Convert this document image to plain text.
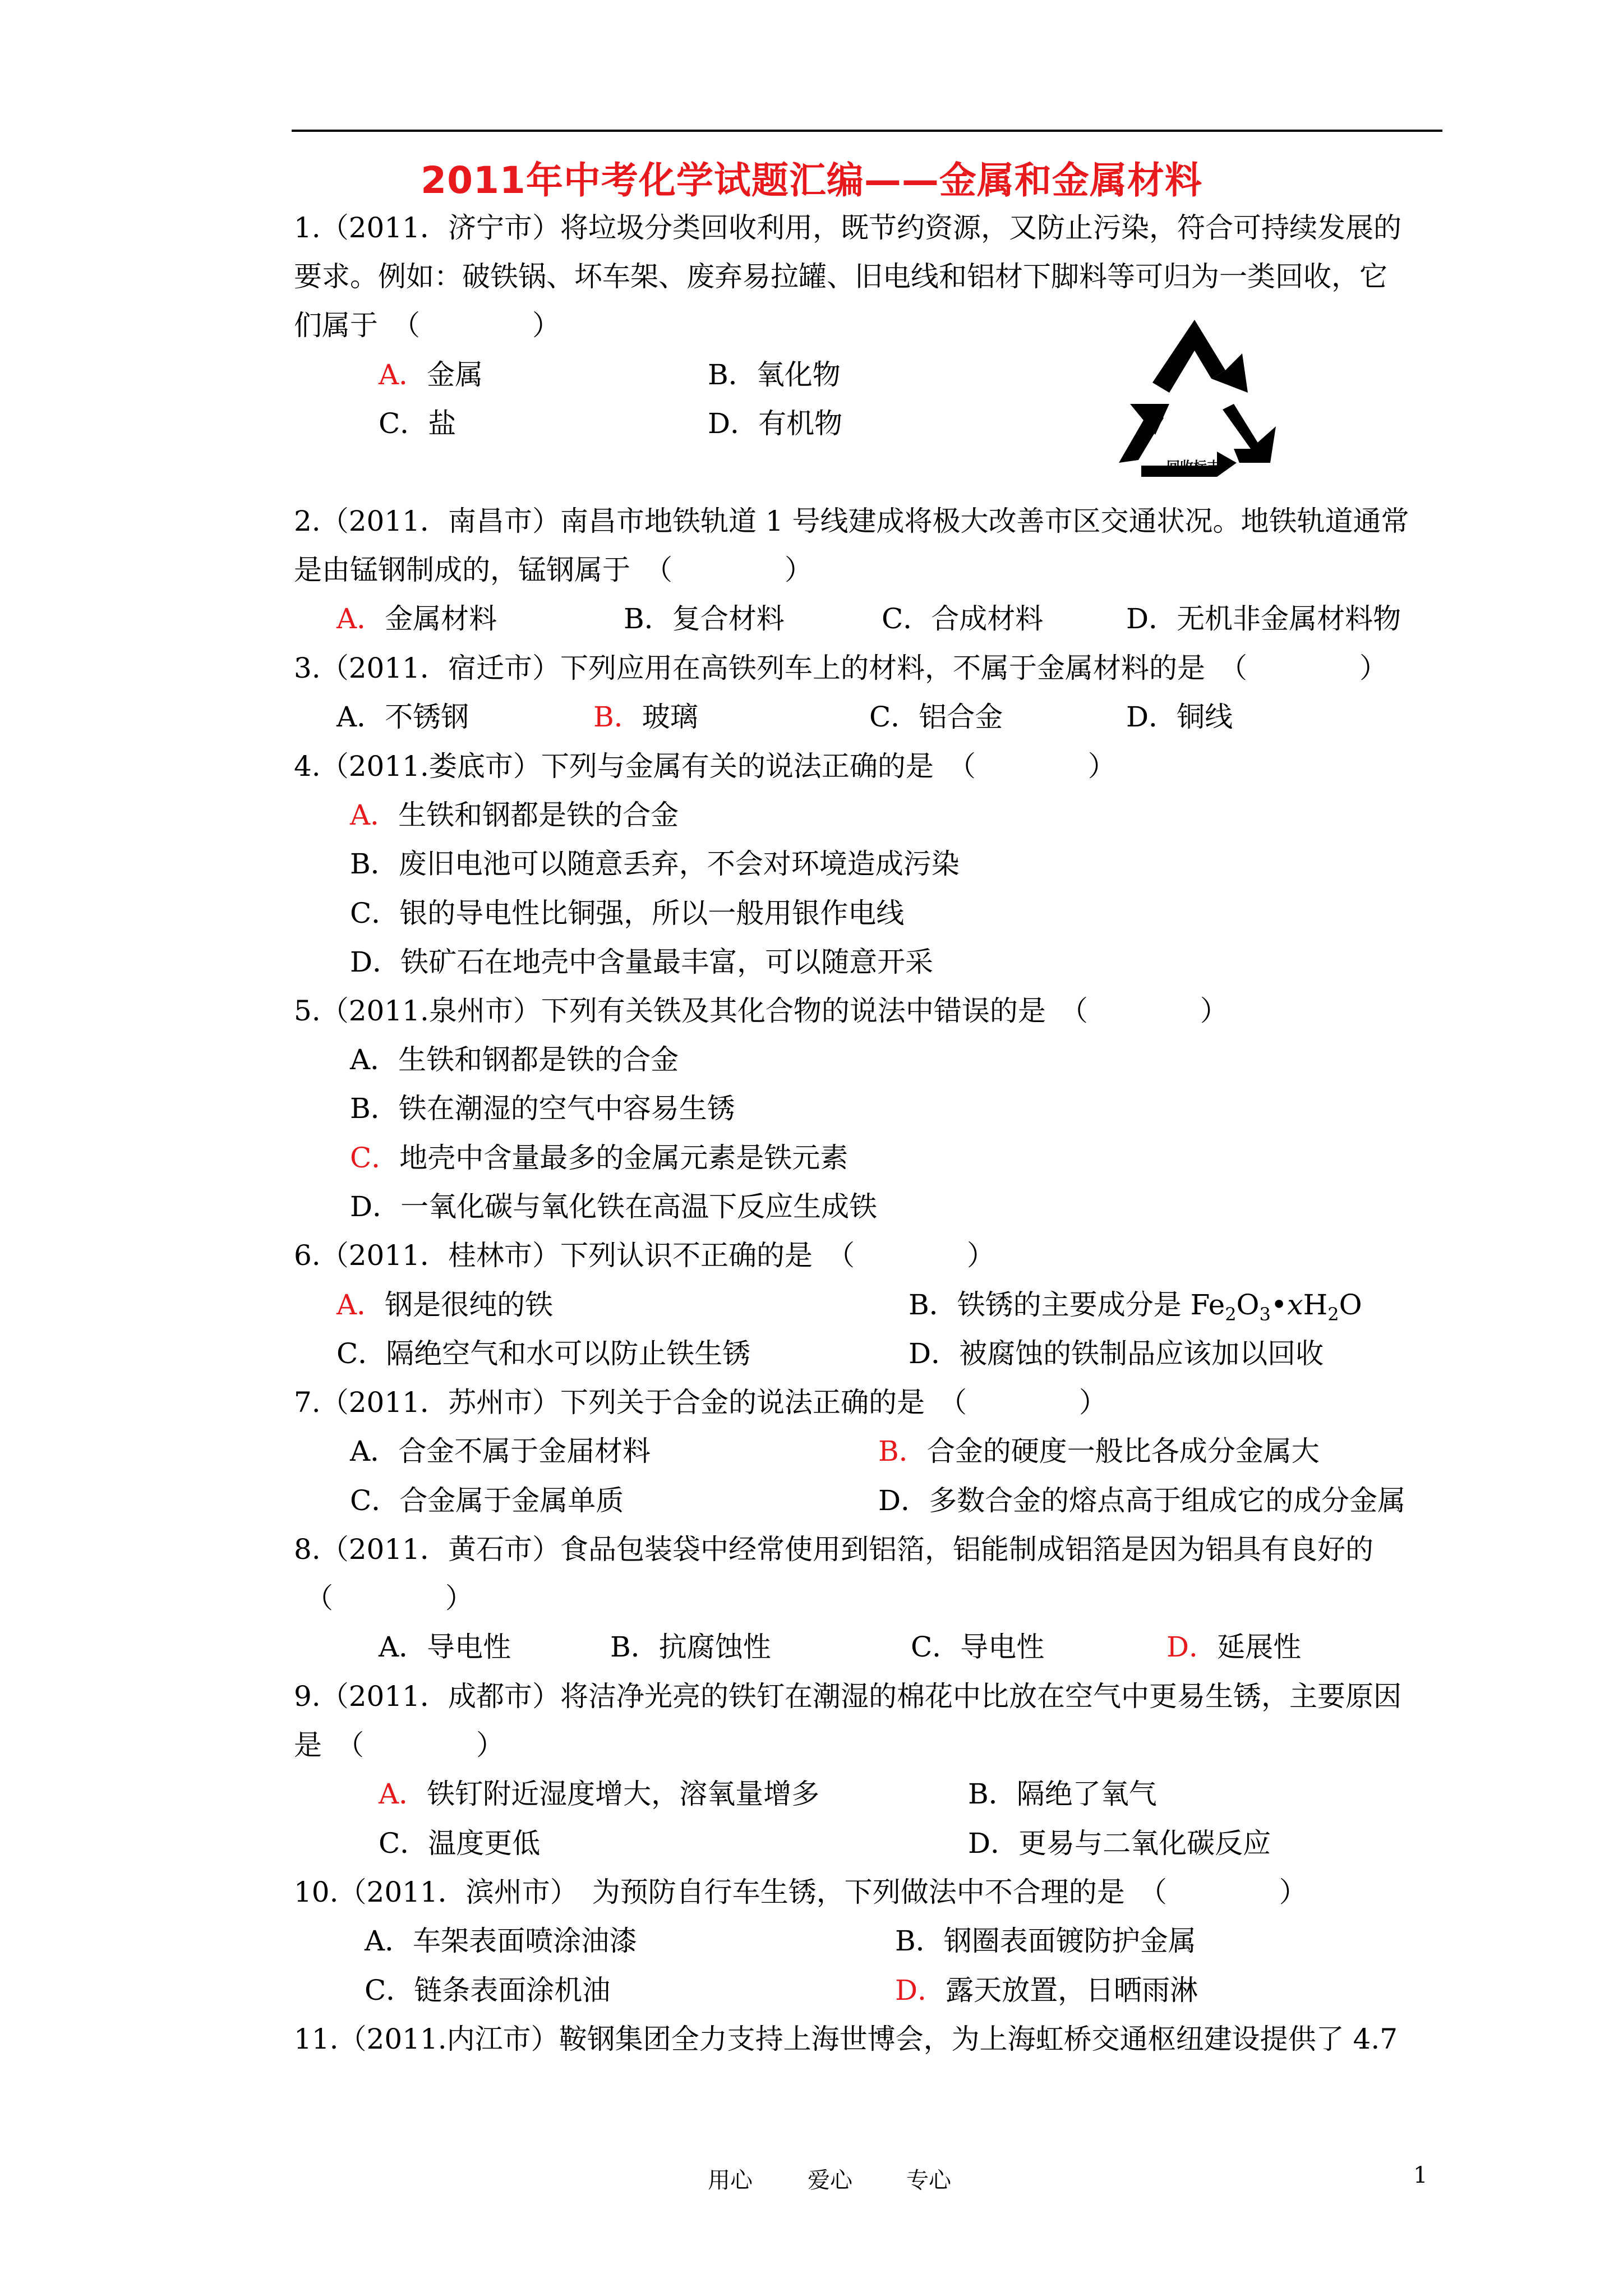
2011年中考化学试题汇编——金属和金属材料
1.（2011．济宁市）将垃圾分类回收利用，既节约资源，又防止污染，符合可持续发展的
要求。例如：破铁锅、坏车架、废弃易拉罐、旧电线和铝材下脚料等可归为一类回收，它
们属于　（　　　　）
A．金属	B．氧化物
C．盐	D．有机物
回收标志
2.（2011．南昌市）南昌市地铁轨道 1 号线建成将极大改善市区交通状况。地铁轨道通常
是由锰钢制成的，锰钢属于　（　　　　）
A．金属材料	B．复合材料	C．合成材料	D．无机非金属材料物
3.（2011．宿迁市）下列应用在高铁列车上的材料，不属于金属材料的是　（　　　　）
A．不锈钢	B．玻璃	C．铝合金	D．铜线
4.（2011.娄底市）下列与金属有关的说法正确的是　（　　　　）
A．生铁和钢都是铁的合金
B．废旧电池可以随意丢弃，不会对环境造成污染
C．银的导电性比铜强，所以一般用银作电线
D．铁矿石在地壳中含量最丰富，可以随意开采
5.（2011.泉州市）下列有关铁及其化合物的说法中错误的是　（　　　　）
A．生铁和钢都是铁的合金
B．铁在潮湿的空气中容易生锈
C．地壳中含量最多的金属元素是铁元素
D．一氧化碳与氧化铁在高温下反应生成铁
6.（2011．桂林市）下列认识不正确的是　（　　　　）
A．钢是很纯的铁	B．铁锈的主要成分是 $Fe_2O_3•xH_2O$
C．隔绝空气和水可以防止铁生锈	D．被腐蚀的铁制品应该加以回收
7.（2011．苏州市）下列关于合金的说法正确的是　（　　　　）
A．合金不属于金届材料	B．合金的硬度一般比各成分金属大
C．合金属于金属单质	D．多数合金的熔点高于组成它的成分金属
8.（2011．黄石市）食品包装袋中经常使用到铝箔，铝能制成铝箔是因为铝具有良好的
（　　　　）
A．导电性	B．抗腐蚀性	C．导电性	D．延展性
9.（2011．成都市）将洁净光亮的铁钉在潮湿的棉花中比放在空气中更易生锈，主要原因
是　（　　　　）
A．铁钉附近湿度增大，溶氧量增多	B．隔绝了氧气
C．温度更低	D．更易与二氧化碳反应
10.（2011．滨州市）　为预防自行车生锈，下列做法中不合理的是　（　　　　）
A．车架表面喷涂油漆	B．钢圈表面镀防护金属
C．链条表面涂机油	D．露天放置，日晒雨淋
11.（2011.内江市）鞍钢集团全力支持上海世博会，为上海虹桥交通枢纽建设提供了 4.7
用心 爱心 专心	1
